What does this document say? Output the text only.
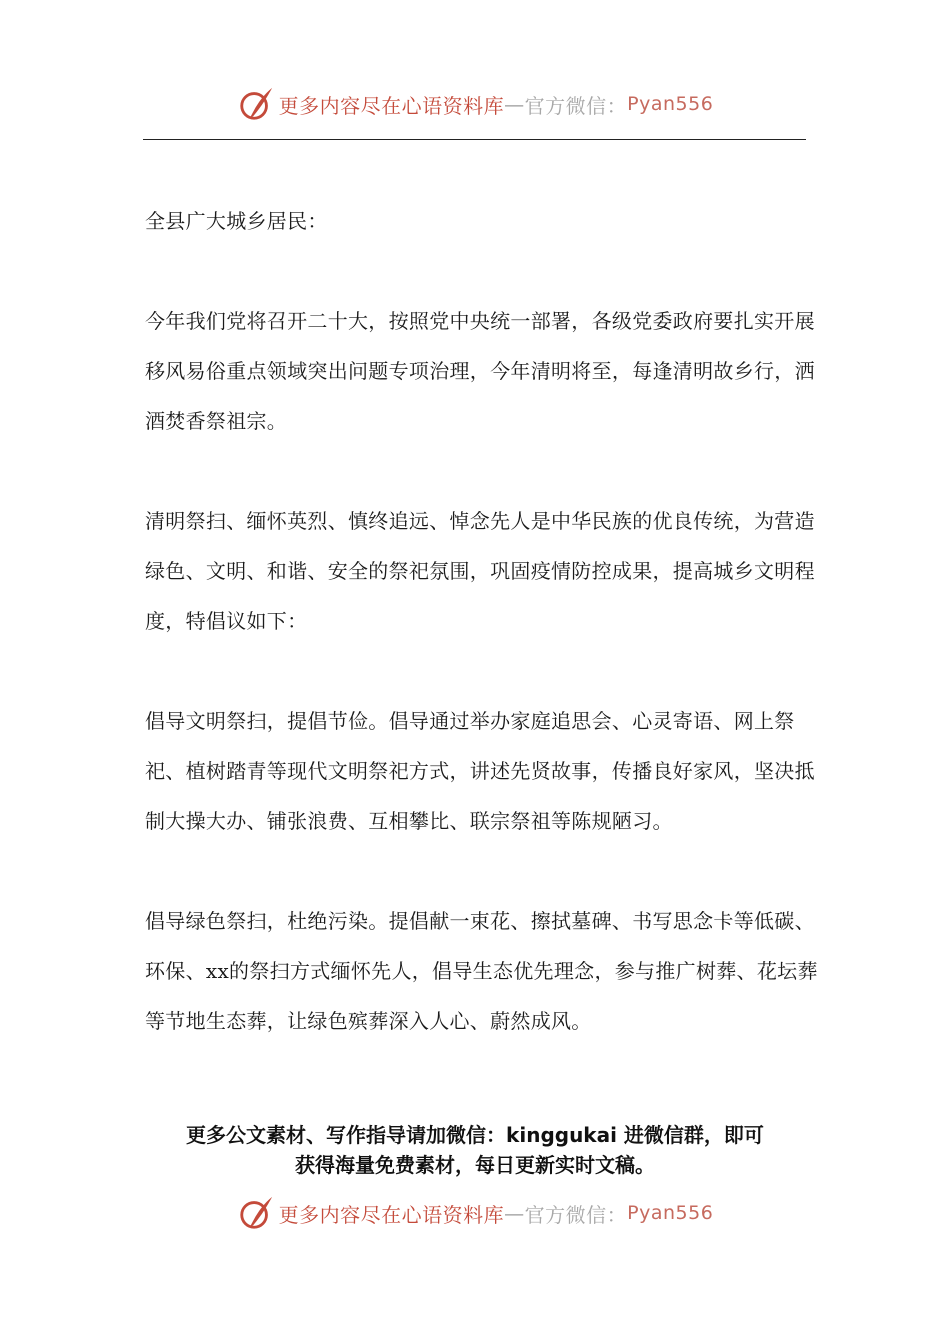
更多内容尽在心语资料库 — 官方微信： Pyan556

全县广大城乡居民：

今年我们党将召开二十大，按照党中央统一部署，各级党委政府要扎实开展移风易俗重点领域突出问题专项治理，今年清明将至，每逢清明故乡行，洒酒焚香祭祖宗。

清明祭扫、缅怀英烈、慎终追远、悼念先人是中华民族的优良传统，为营造绿色、文明、和谐、安全的祭祀氛围，巩固疫情防控成果，提高城乡文明程度，特倡议如下：

倡导文明祭扫，提倡节俭。倡导通过举办家庭追思会、心灵寄语、网上祭祀、植树踏青等现代文明祭祀方式，讲述先贤故事，传播良好家风，坚决抵制大操大办、铺张浪费、互相攀比、联宗祭祖等陈规陋习。

倡导绿色祭扫，杜绝污染。提倡献一束花、擦拭墓碑、书写思念卡等低碳、环保、xx的祭扫方式缅怀先人，倡导生态优先理念，参与推广树葬、花坛葬等节地生态葬，让绿色殡葬深入人心、蔚然成风。

更多公文素材、写作指导请加微信：kinggukai 进微信群，即可
获得海量免费素材，每日更新实时文稿。
更多内容尽在心语资料库 — 官方微信： Pyan556
